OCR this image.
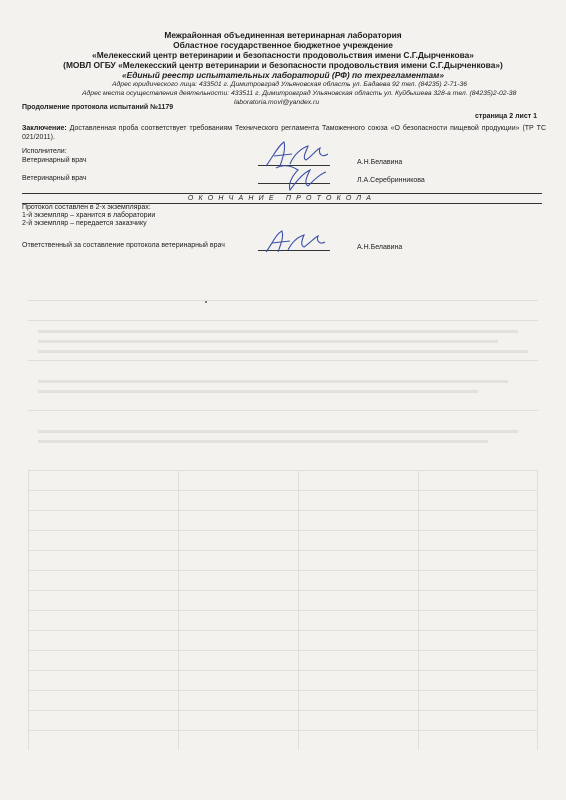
Межрайонная объединенная ветеринарная лаборатория
Областное государственное бюджетное учреждение
«Мелекесский центр ветеринарии и безопасности продовольствия имени С.Г.Дырченкова»
(МОВЛ ОГБУ «Мелекесский центр ветеринарии и безопасности продовольствия имени С.Г.Дырченкова»)
«Единый реестр испытательных лабораторий (РФ) по техрегламентам»
Адрес юридического лица: 433501 г. Димитровград Ульяновская область ул. Бадаева 92 тел. (84235) 2-71-36
Адрес места осуществления деятельности: 433511 г. Димитровград Ульяновская область ул. Куйбышева 328-а тел. (84235)2-02-38
laboratoria.movl@yandex.ru
Продолжение протокола испытаний №1179
страница 2 лист 1
Заключение: Доставленная проба соответствует требованиям Технического регламента Таможенного союза «О безопасности пищевой продукции» (ТР ТС 021/2011).
Исполнители:
Ветеринарный врач	А.Н.Белавина
Ветеринарный врач	Л.А.Серебринникова
ОКОНЧАНИЕ ПРОТОКОЛА
Протокол составлен в 2-х экземплярах:
1-й экземпляр – хранится в лаборатории
2-й экземпляр – передается заказчику
Ответственный за составление протокола ветеринарный врач	А.Н.Белавина
